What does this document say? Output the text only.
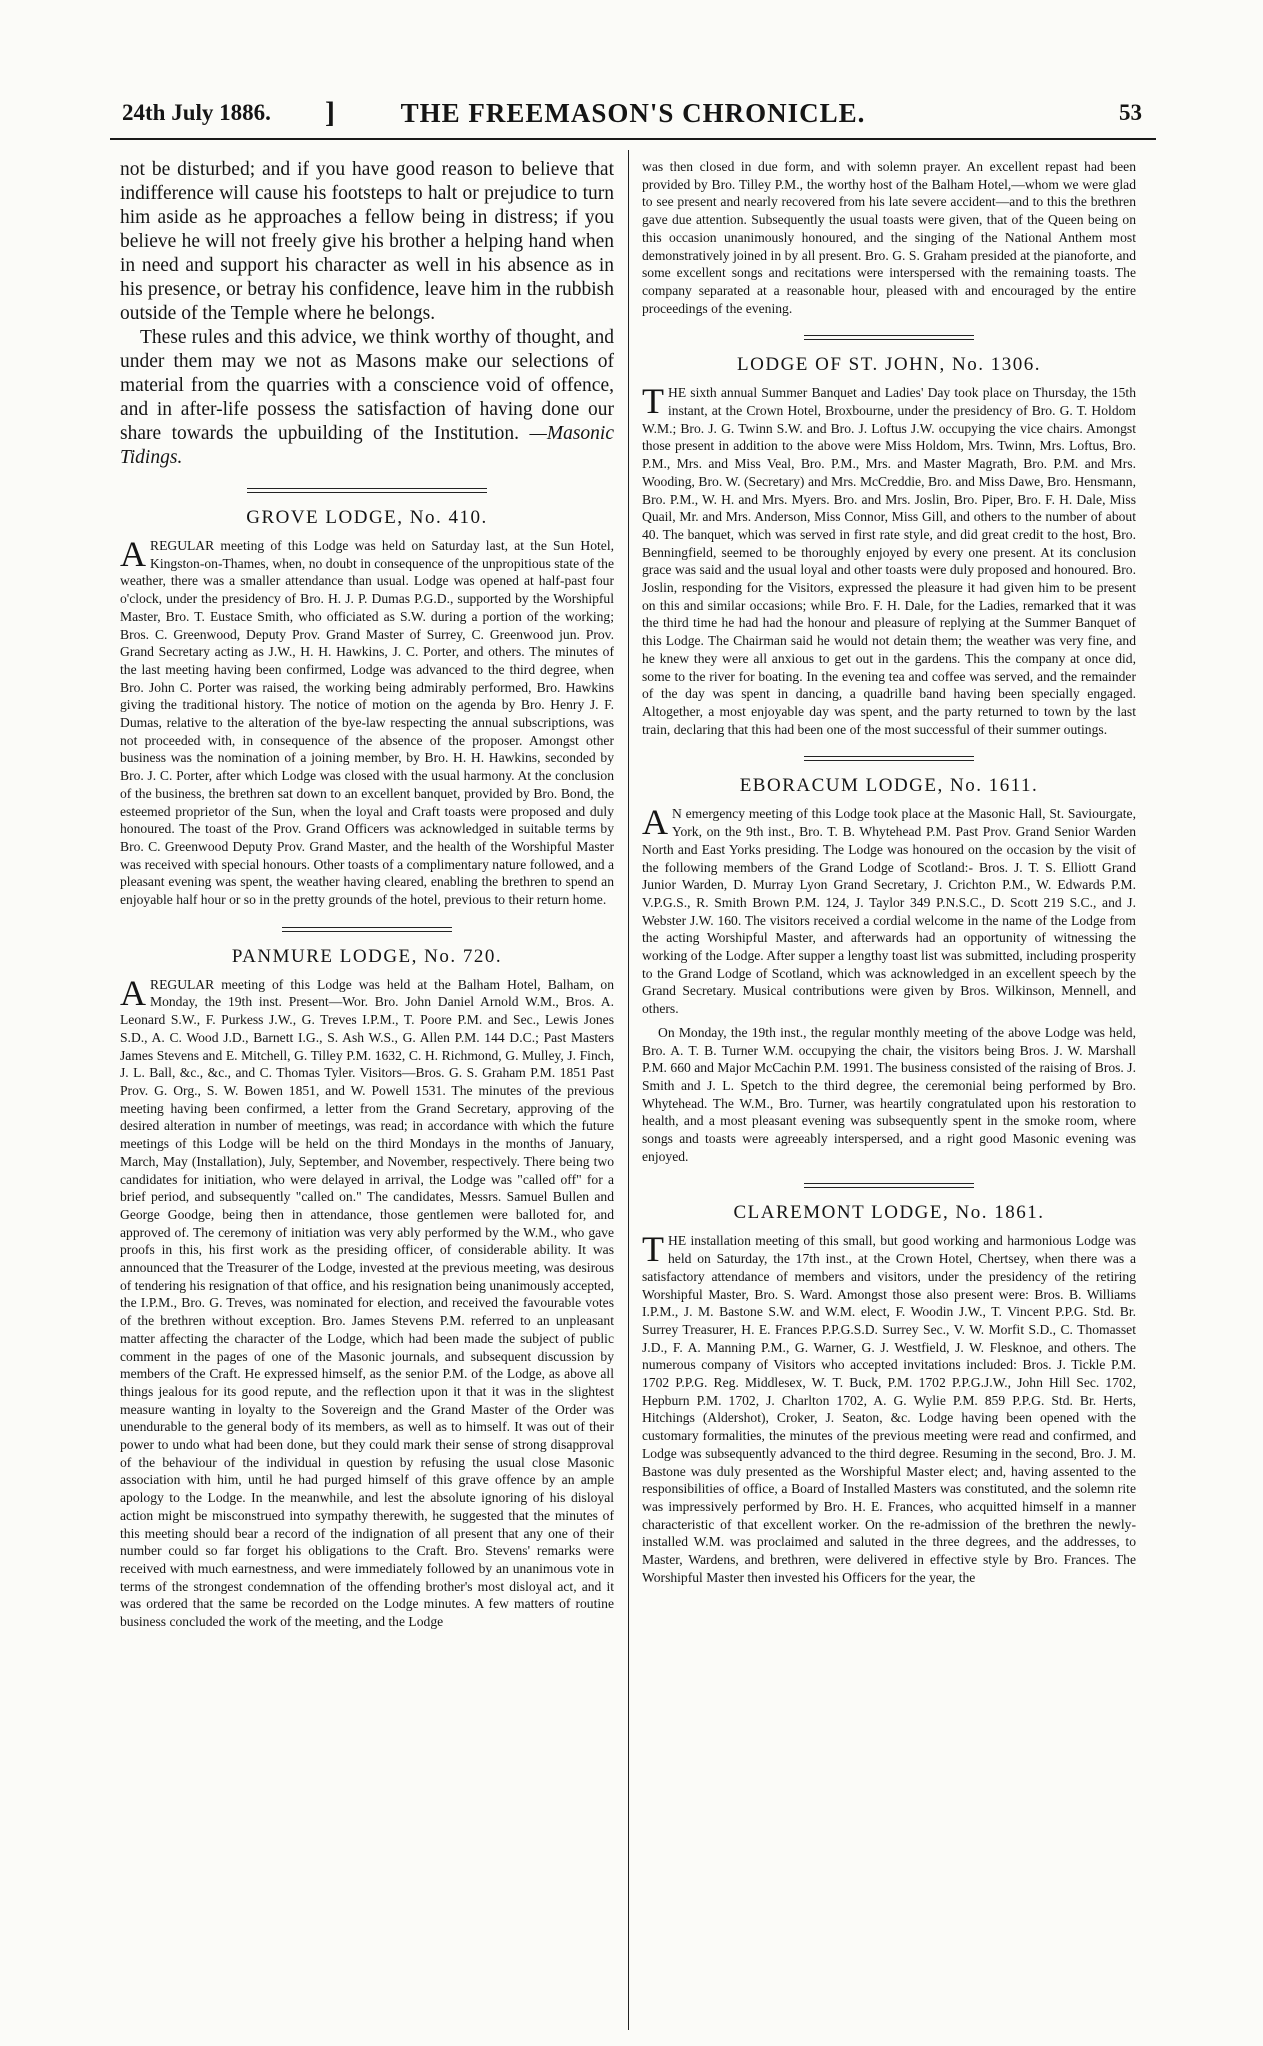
24th July 1886. ]	THE FREEMASON'S CHRONICLE.	53

not be disturbed; and if you have good reason to believe that indifference will cause his footsteps to halt or prejudice to turn him aside as he approaches a fellow being in distress; if you believe he will not freely give his brother a helping hand when in need and support his character as well in his absence as in his presence, or betray his confidence, leave him in the rubbish outside of the Temple where he belongs.

These rules and this advice, we think worthy of thought, and under them may we not as Masons make our selections of material from the quarries with a conscience void of offence, and in after-life possess the satisfaction of having done our share towards the upbuilding of the Institution. —Masonic Tidings.

GROVE LODGE, No. 410.

AREGULAR meeting of this Lodge was held on Saturday last, at the Sun Hotel, Kingston-on-Thames, when, no doubt in consequence of the unpropitious state of the weather, there was a smaller attendance than usual. Lodge was opened at half-past four o'clock, under the presidency of Bro. H. J. P. Dumas P.G.D., supported by the Worshipful Master, Bro. T. Eustace Smith, who officiated as S.W. during a portion of the working; Bros. C. Greenwood, Deputy Prov. Grand Master of Surrey, C. Greenwood jun. Prov. Grand Secretary acting as J.W., H. H. Hawkins, J. C. Porter, and others. The minutes of the last meeting having been confirmed, Lodge was advanced to the third degree, when Bro. John C. Porter was raised, the working being admirably performed, Bro. Hawkins giving the traditional history. The notice of motion on the agenda by Bro. Henry J. F. Dumas, relative to the alteration of the bye-law respecting the annual subscriptions, was not proceeded with, in consequence of the absence of the proposer. Amongst other business was the nomination of a joining member, by Bro. H. H. Hawkins, seconded by Bro. J. C. Porter, after which Lodge was closed with the usual harmony. At the conclusion of the business, the brethren sat down to an excellent banquet, provided by Bro. Bond, the esteemed proprietor of the Sun, when the loyal and Craft toasts were proposed and duly honoured. The toast of the Prov. Grand Officers was acknowledged in suitable terms by Bro. C. Greenwood Deputy Prov. Grand Master, and the health of the Worshipful Master was received with special honours. Other toasts of a complimentary nature followed, and a pleasant evening was spent, the weather having cleared, enabling the brethren to spend an enjoyable half hour or so in the pretty grounds of the hotel, previous to their return home.

PANMURE LODGE, No. 720.

AREGULAR meeting of this Lodge was held at the Balham Hotel, Balham, on Monday, the 19th inst. Present—Wor. Bro. John Daniel Arnold W.M., Bros. A. Leonard S.W., F. Purkess J.W., G. Treves I.P.M., T. Poore P.M. and Sec., Lewis Jones S.D., A. C. Wood J.D., Barnett I.G., S. Ash W.S., G. Allen P.M. 144 D.C.; Past Masters James Stevens and E. Mitchell, G. Tilley P.M. 1632, C. H. Richmond, G. Mulley, J. Finch, J. L. Ball, &c., &c., and C. Thomas Tyler. Visitors—Bros. G. S. Graham P.M. 1851 Past Prov. G. Org., S. W. Bowen 1851, and W. Powell 1531. The minutes of the previous meeting having been confirmed, a letter from the Grand Secretary, approving of the desired alteration in number of meetings, was read; in accordance with which the future meetings of this Lodge will be held on the third Mondays in the months of January, March, May (Installation), July, September, and November, respectively. There being two candidates for initiation, who were delayed in arrival, the Lodge was "called off" for a brief period, and subsequently "called on." The candidates, Messrs. Samuel Bullen and George Goodge, being then in attendance, those gentlemen were balloted for, and approved of. The ceremony of initiation was very ably performed by the W.M., who gave proofs in this, his first work as the presiding officer, of considerable ability. It was announced that the Treasurer of the Lodge, invested at the previous meeting, was desirous of tendering his resignation of that office, and his resignation being unanimously accepted, the I.P.M., Bro. G. Treves, was nominated for election, and received the favourable votes of the brethren without exception. Bro. James Stevens P.M. referred to an unpleasant matter affecting the character of the Lodge, which had been made the subject of public comment in the pages of one of the Masonic journals, and subsequent discussion by members of the Craft. He expressed himself, as the senior P.M. of the Lodge, as above all things jealous for its good repute, and the reflection upon it that it was in the slightest measure wanting in loyalty to the Sovereign and the Grand Master of the Order was unendurable to the general body of its members, as well as to himself. It was out of their power to undo what had been done, but they could mark their sense of strong disapproval of the behaviour of the individual in question by refusing the usual close Masonic association with him, until he had purged himself of this grave offence by an ample apology to the Lodge. In the meanwhile, and lest the absolute ignoring of his disloyal action might be misconstrued into sympathy therewith, he suggested that the minutes of this meeting should bear a record of the indignation of all present that any one of their number could so far forget his obligations to the Craft. Bro. Stevens' remarks were received with much earnestness, and were immediately followed by an unanimous vote in terms of the strongest condemnation of the offending brother's most disloyal act, and it was ordered that the same be recorded on the Lodge minutes. A few matters of routine business concluded the work of the meeting, and the Lodge

was then closed in due form, and with solemn prayer. An excellent repast had been provided by Bro. Tilley P.M., the worthy host of the Balham Hotel,—whom we were glad to see present and nearly recovered from his late severe accident—and to this the brethren gave due attention. Subsequently the usual toasts were given, that of the Queen being on this occasion unanimously honoured, and the singing of the National Anthem most demonstratively joined in by all present. Bro. G. S. Graham presided at the pianoforte, and some excellent songs and recitations were interspersed with the remaining toasts. The company separated at a reasonable hour, pleased with and encouraged by the entire proceedings of the evening.

LODGE OF ST. JOHN, No. 1306.

THE sixth annual Summer Banquet and Ladies' Day took place on Thursday, the 15th instant, at the Crown Hotel, Broxbourne, under the presidency of Bro. G. T. Holdom W.M.; Bro. J. G. Twinn S.W. and Bro. J. Loftus J.W. occupying the vice chairs. Amongst those present in addition to the above were Miss Holdom, Mrs. Twinn, Mrs. Loftus, Bro. P.M., Mrs. and Miss Veal, Bro. P.M., Mrs. and Master Magrath, Bro. P.M. and Mrs. Wooding, Bro. W. (Secretary) and Mrs. McCreddie, Bro. and Miss Dawe, Bro. Hensmann, Bro. P.M., W. H. and Mrs. Myers. Bro. and Mrs. Joslin, Bro. Piper, Bro. F. H. Dale, Miss Quail, Mr. and Mrs. Anderson, Miss Connor, Miss Gill, and others to the number of about 40. The banquet, which was served in first rate style, and did great credit to the host, Bro. Benningfield, seemed to be thoroughly enjoyed by every one present. At its conclusion grace was said and the usual loyal and other toasts were duly proposed and honoured. Bro. Joslin, responding for the Visitors, expressed the pleasure it had given him to be present on this and similar occasions; while Bro. F. H. Dale, for the Ladies, remarked that it was the third time he had had the honour and pleasure of replying at the Summer Banquet of this Lodge. The Chairman said he would not detain them; the weather was very fine, and he knew they were all anxious to get out in the gardens. This the company at once did, some to the river for boating. In the evening tea and coffee was served, and the remainder of the day was spent in dancing, a quadrille band having been specially engaged. Altogether, a most enjoyable day was spent, and the party returned to town by the last train, declaring that this had been one of the most successful of their summer outings.

EBORACUM LODGE, No. 1611.

A N emergency meeting of this Lodge took place at the Masonic Hall, St. Saviourgate, York, on the 9th inst., Bro. T. B. Whytehead P.M. Past Prov. Grand Senior Warden North and East Yorks presiding. The Lodge was honoured on the occasion by the visit of the following members of the Grand Lodge of Scotland:- Bros. J. T. S. Elliott Grand Junior Warden, D. Murray Lyon Grand Secretary, J. Crichton P.M., W. Edwards P.M. V.P.G.S., R. Smith Brown P.M. 124, J. Taylor 349 P.N.S.C., D. Scott 219 S.C., and J. Webster J.W. 160. The visitors received a cordial welcome in the name of the Lodge from the acting Worshipful Master, and afterwards had an opportunity of witnessing the working of the Lodge. After supper a lengthy toast list was submitted, including prosperity to the Grand Lodge of Scotland, which was acknowledged in an excellent speech by the Grand Secretary. Musical contributions were given by Bros. Wilkinson, Mennell, and others.

On Monday, the 19th inst., the regular monthly meeting of the above Lodge was held, Bro. A. T. B. Turner W.M. occupying the chair, the visitors being Bros. J. W. Marshall P.M. 660 and Major McCachin P.M. 1991. The business consisted of the raising of Bros. J. Smith and J. L. Spetch to the third degree, the ceremonial being performed by Bro. Whytehead. The W.M., Bro. Turner, was heartily congratulated upon his restoration to health, and a most pleasant evening was subsequently spent in the smoke room, where songs and toasts were agreeably interspersed, and a right good Masonic evening was enjoyed.

CLAREMONT LODGE, No. 1861.

THE installation meeting of this small, but good working and harmonious Lodge was held on Saturday, the 17th inst., at the Crown Hotel, Chertsey, when there was a satisfactory attendance of members and visitors, under the presidency of the retiring Worshipful Master, Bro. S. Ward. Amongst those also present were: Bros. B. Williams I.P.M., J. M. Bastone S.W. and W.M. elect, F. Woodin J.W., T. Vincent P.P.G. Std. Br. Surrey Treasurer, H. E. Frances P.P.G.S.D. Surrey Sec., V. W. Morfit S.D., C. Thomasset J.D., F. A. Manning P.M., G. Warner, G. J. Westfield, J. W. Flesknoe, and others. The numerous company of Visitors who accepted invitations included: Bros. J. Tickle P.M. 1702 P.P.G. Reg. Middlesex, W. T. Buck, P.M. 1702 P.P.G.J.W., John Hill Sec. 1702, Hepburn P.M. 1702, J. Charlton 1702, A. G. Wylie P.M. 859 P.P.G. Std. Br. Herts, Hitchings (Aldershot), Croker, J. Seaton, &c. Lodge having been opened with the customary formalities, the minutes of the previous meeting were read and confirmed, and Lodge was subsequently advanced to the third degree. Resuming in the second, Bro. J. M. Bastone was duly presented as the Worshipful Master elect; and, having assented to the responsibilities of office, a Board of Installed Masters was constituted, and the solemn rite was impressively performed by Bro. H. E. Frances, who acquitted himself in a manner characteristic of that excellent worker. On the re-admission of the brethren the newly-installed W.M. was proclaimed and saluted in the three degrees, and the addresses, to Master, Wardens, and brethren, were delivered in effective style by Bro. Frances. The Worshipful Master then invested his Officers for the year, the
